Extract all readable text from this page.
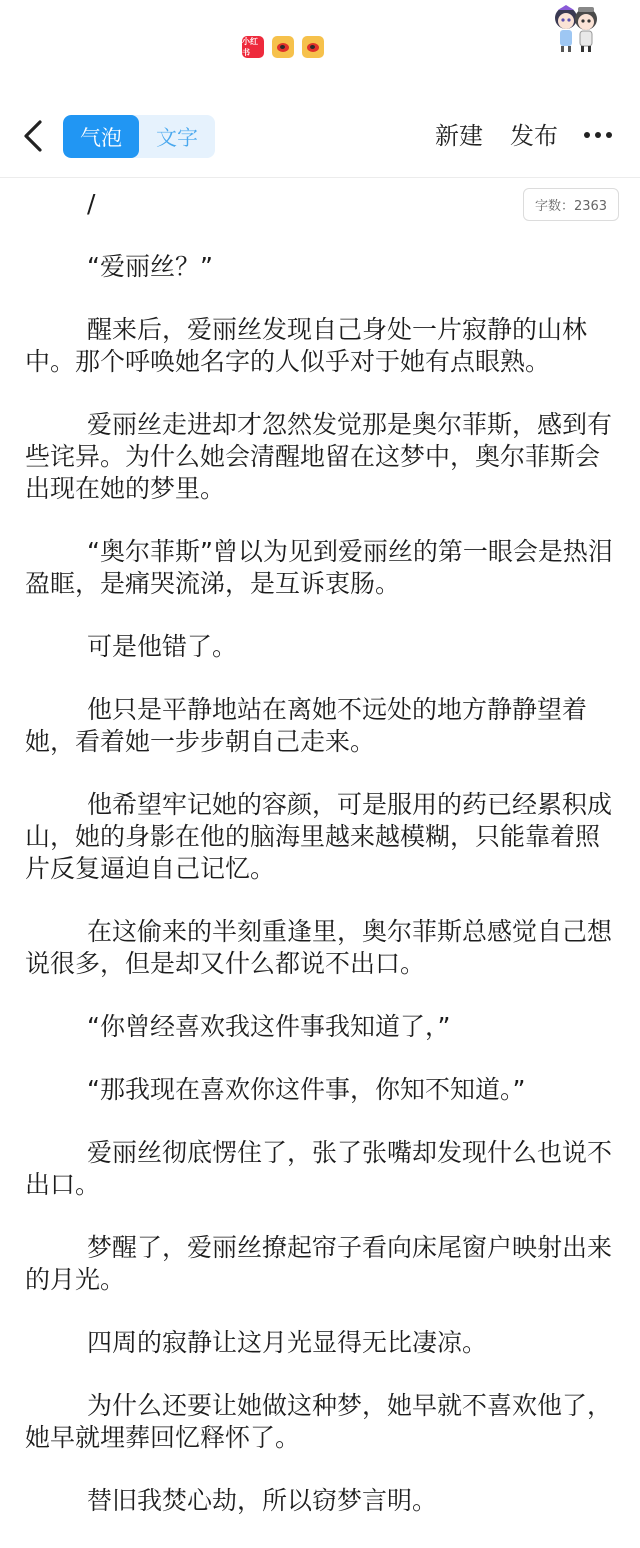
小红书
气泡	文字	新建 发布
字数：2363

/

“爱丽丝？”

醒来后，爱丽丝发现自己身处一片寂静的山林中。那个呼唤她名字的人似乎对于她有点眼熟。

爱丽丝走进却才忽然发觉那是奥尔菲斯，感到有些诧异。为什么她会清醒地留在这梦中，奥尔菲斯会出现在她的梦里。

“奥尔菲斯”曾以为见到爱丽丝的第一眼会是热泪盈眶，是痛哭流涕，是互诉衷肠。

可是他错了。

他只是平静地站在离她不远处的地方静静望着她，看着她一步步朝自己走来。

他希望牢记她的容颜，可是服用的药已经累积成山，她的身影在他的脑海里越来越模糊，只能靠着照片反复逼迫自己记忆。

在这偷来的半刻重逢里，奥尔菲斯总感觉自己想说很多，但是却又什么都说不出口。

“你曾经喜欢我这件事我知道了，”

“那我现在喜欢你这件事，你知不知道。”

爱丽丝彻底愣住了，张了张嘴却发现什么也说不出口。

梦醒了，爱丽丝撩起帘子看向床尾窗户映射出来的月光。

四周的寂静让这月光显得无比凄凉。

为什么还要让她做这种梦，她早就不喜欢他了，她早就埋葬回忆释怀了。

替旧我焚心劫，所以窃梦言明。
